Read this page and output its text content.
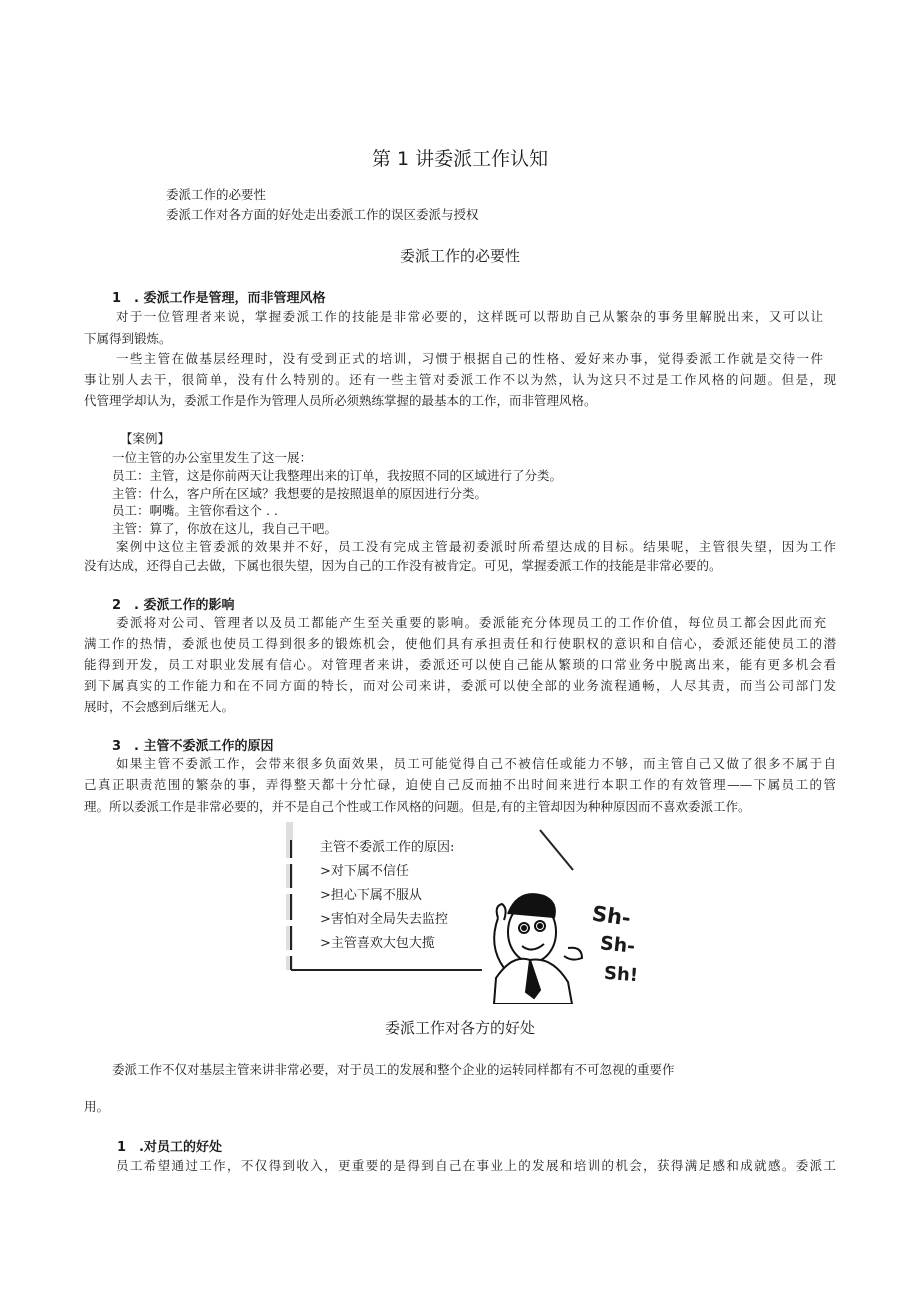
第 1 讲委派工作认知
委派工作的必要性
委派工作对各方面的好处走出委派工作的误区委派与授权
委派工作的必要性
1　. 委派工作是管理，而非管理风格
对于一位管理者来说，掌握委派工作的技能是非常必要的，这样既可以帮助自己从繁杂的事务里解脱出来，又可以让
下属得到锻炼。
一些主管在做基层经理时，没有受到正式的培训，习惯于根据自己的性格、爱好来办事，觉得委派工作就是交待一件
事让别人去干，很简单，没有什么特别的。还有一些主管对委派工作不以为然，认为这只不过是工作风格的问题。但是，现
代管理学却认为，委派工作是作为管理人员所必须熟练掌握的最基本的工作，而非管理风格。
【案例】
一位主管的办公室里发生了这一展：
员工：主管，这是你前两天让我整理出来的订单，我按照不同的区域进行了分类。
主管：什么，客户所在区域？我想要的是按照退单的原因进行分类。
员工：啊嘴。主管你看这个 . .
主管：算了，你放在这儿，我自己干吧。
案例中这位主管委派的效果并不好，员工没有完成主管最初委派时所希望达成的目标。结果呢，主管很失望，因为工作
没有达成，还得自己去做，下属也很失望，因为自己的工作没有被肯定。可见，掌握委派工作的技能是非常必要的。
2　. 委派工作的影响
委派将对公司、管理者以及员工都能产生至关重要的影响。委派能充分体现员工的工作价值，每位员工都会因此而充
满工作的热情，委派也使员工得到很多的锻炼机会，使他们具有承担责任和行使职权的意识和自信心，委派还能使员工的潜
能得到开发，员工对职业发展有信心。对管理者来讲，委派还可以使自己能从繁琐的口常业务中脱离出来，能有更多机会看
到下属真实的工作能力和在不同方面的特长，而对公司来讲，委派可以使全部的业务流程通畅，人尽其责，而当公司部门发
展时，不会感到后继无人。
3　. 主管不委派工作的原因
如果主管不委派工作，会带来很多负面效果，员工可能觉得自己不被信任或能力不够，而主管自己又做了很多不属于自
己真正职责范围的繁杂的事，弄得整天都十分忙碌，迫使自己反而抽不出时间来进行本职工作的有效管理——下属员工的管
理。所以委派工作是非常必要的，并不是自己个性或工作风格的问题。但是,有的主管却因为种种原因而不喜欢委派工作。
主管不委派工作的原因:
>对下属不信任
>担心下属不服从
>害怕对全局失去监控
>主管喜欢大包大揽
Sh-
Sh-
Sh!
委派工作对各方的好处
委派工作不仅对基层主管来讲非常必要，对于员工的发展和整个企业的运转同样都有不可忽视的重要作
用。
1　.对员工的好处
员工希望通过工作，不仅得到收入，更重要的是得到自己在事业上的发展和培训的机会，获得满足感和成就感。委派工
